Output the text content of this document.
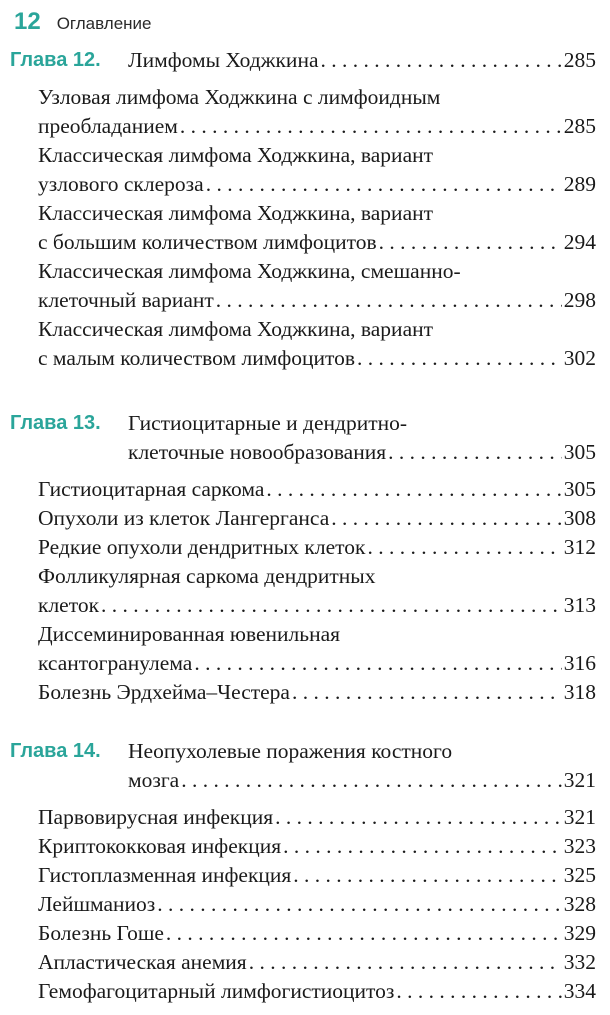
12 Оглавление
Глава 12. Лимфомы Ходжкина . . .	285
Узловая лимфома Ходжкина с лимфоидным
преобладанием . . .	285
Классическая лимфома Ходжкина, вариант
узлового склероза . . .	289
Классическая лимфома Ходжкина, вариант
с большим количеством лимфоцитов . . .	294
Классическая лимфома Ходжкина, смешанно-
клеточный вариант . . .	298
Классическая лимфома Ходжкина, вариант
с малым количеством лимфоцитов . . .	302
Глава 13. Гистиоцитарные и дендритно-
клеточные новообразования . . .	305
Гистиоцитарная саркома . . .	305
Опухоли из клеток Лангерганса . . .	308
Редкие опухоли дендритных клеток . . .	312
Фолликулярная саркома дендритных
клеток . . .	313
Диссеминированная ювенильная
ксантогранулема . . .	316
Болезнь Эрдхейма–Честера . . .	318
Глава 14. Неопухолевые поражения костного
мозга . . .	321
Парвовирусная инфекция . . .	321
Криптококковая инфекция . . .	323
Гистоплазменная инфекция . . .	325
Лейшманиоз . . .	328
Болезнь Гоше . . .	329
Апластическая анемия . . .	332
Гемофагоцитарный лимфогистиоцитоз . . .	334
